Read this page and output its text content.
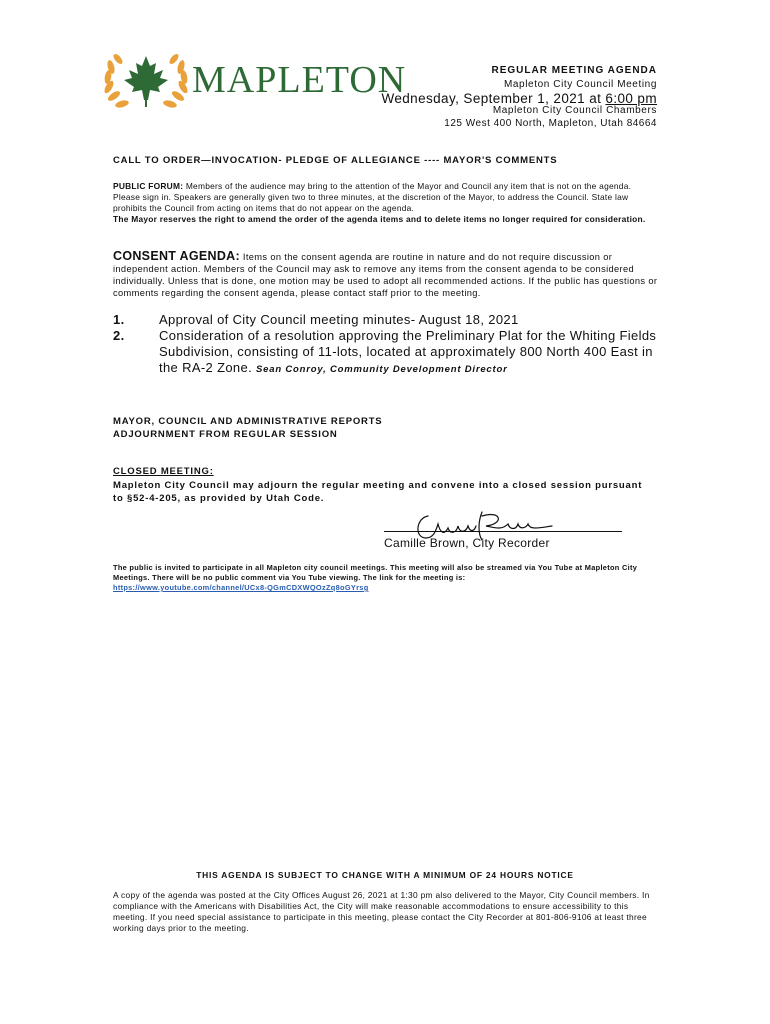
MAPLETON	REGULAR MEETING AGENDA
Mapleton City Council Meeting
Wednesday, September 1, 2021 at 6:00 pm
Mapleton City Council Chambers
125 West 400 North, Mapleton, Utah 84664
CALL TO ORDER—INVOCATION- PLEDGE OF ALLEGIANCE ---- MAYOR'S COMMENTS
PUBLIC FORUM: Members of the audience may bring to the attention of the Mayor and Council any item that is not on the agenda. Please sign in. Speakers are generally given two to three minutes, at the discretion of the Mayor, to address the Council. State law prohibits the Council from acting on items that do not appear on the agenda.
The Mayor reserves the right to amend the order of the agenda items and to delete items no longer required for consideration.
CONSENT AGENDA: Items on the consent agenda are routine in nature and do not require discussion or independent action. Members of the Council may ask to remove any items from the consent agenda to be considered individually. Unless that is done, one motion may be used to adopt all recommended actions. If the public has questions or comments regarding the consent agenda, please contact staff prior to the meeting.
1.	Approval of City Council meeting minutes- August 18, 2021
2.	Consideration of a resolution approving the Preliminary Plat for the Whiting Fields Subdivision, consisting of 11-lots, located at approximately 800 North 400 East in the RA-2 Zone. Sean Conroy, Community Development Director
MAYOR, COUNCIL AND ADMINISTRATIVE REPORTS
ADJOURNMENT FROM REGULAR SESSION
CLOSED MEETING:
Mapleton City Council may adjourn the regular meeting and convene into a closed session pursuant to §52-4-205, as provided by Utah Code.
Camille Brown, City Recorder
The public is invited to participate in all Mapleton city council meetings. This meeting will also be streamed via You Tube at Mapleton City Meetings. There will be no public comment via You Tube viewing. The link for the meeting is:
https://www.youtube.com/channel/UCx8-QGmCDXWQOzZq8oGYrsg
THIS AGENDA IS SUBJECT TO CHANGE WITH A MINIMUM OF 24 HOURS NOTICE
A copy of the agenda was posted at the City Offices August 26, 2021 at 1:30 pm also delivered to the Mayor, City Council members. In compliance with the Americans with Disabilities Act, the City will make reasonable accommodations to ensure accessibility to this meeting. If you need special assistance to participate in this meeting, please contact the City Recorder at 801-806-9106 at least three working days prior to the meeting.
